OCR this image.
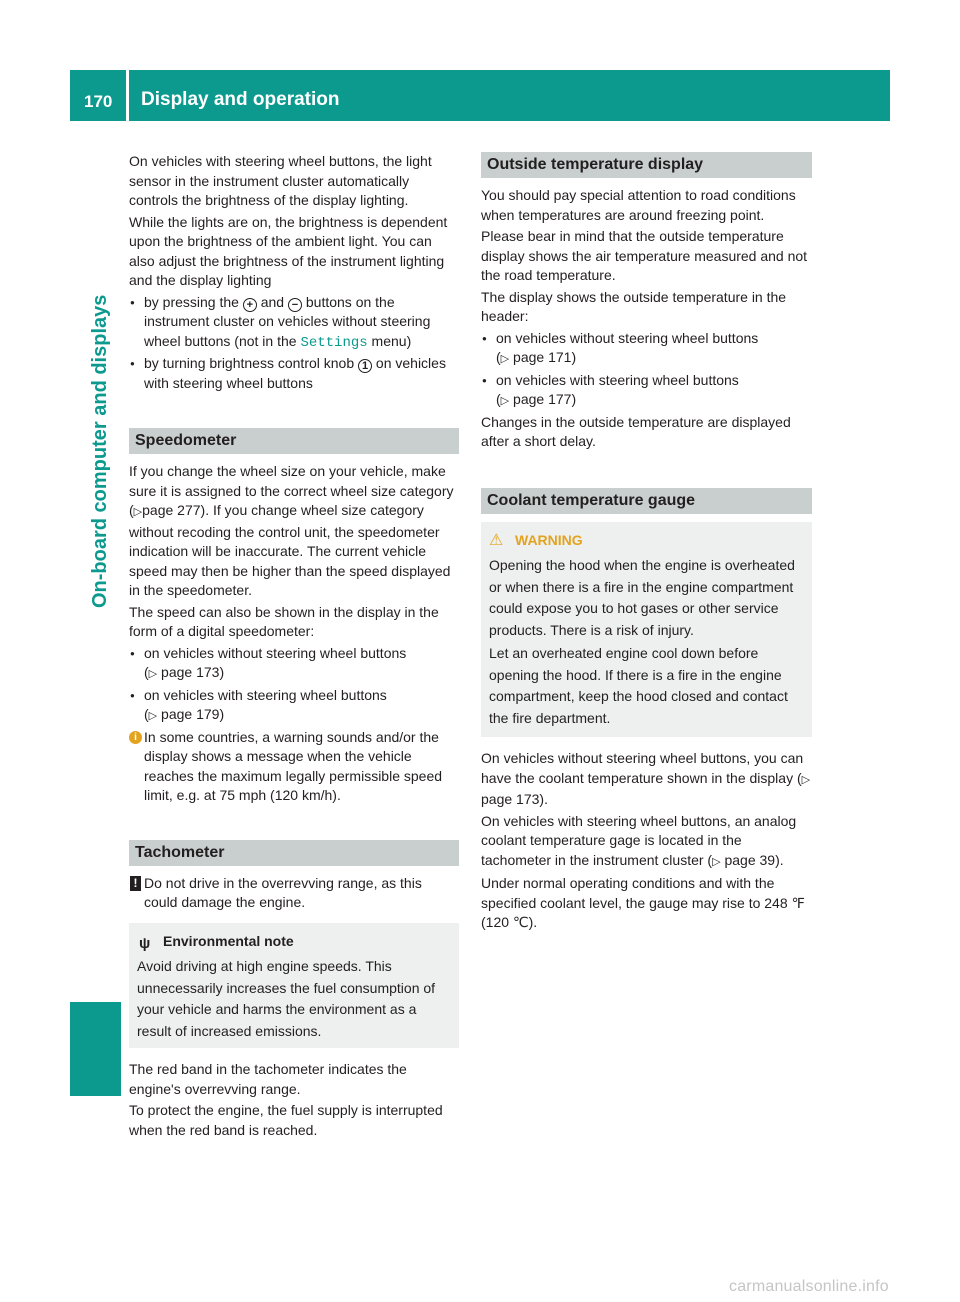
170	Display and operation
On-board computer and displays

On vehicles with steering wheel buttons, the light sensor in the instrument cluster automatically controls the brightness of the display lighting.

While the lights are on, the brightness is dependent upon the brightness of the ambient light. You can also adjust the brightness of the instrument lighting and the display lighting

● by pressing the + and − buttons on the instrument cluster on vehicles without steering wheel buttons (not in the Settings menu)
● by turning brightness control knob 1 on vehicles with steering wheel buttons
Speedometer

If you change the wheel size on your vehicle, make sure it is assigned to the correct wheel size category (▷page 277). If you change wheel size category without recoding the control unit, the speedometer indication will be inaccurate. The current vehicle speed may then be higher than the speed displayed in the speedometer.

The speed can also be shown in the display in the form of a digital speedometer:

● on vehicles without steering wheel buttons
(▷ page 173)
● on vehicles with steering wheel buttons
(▷ page 179)
i In some countries, a warning sounds and/or the display shows a message when the vehicle reaches the maximum legally permissible speed limit, e.g. at 75 mph (120 km/h).
Tachometer
! Do not drive in the overrevving range, as this could damage the engine.
ψ Environmental note
Avoid driving at high engine speeds. This unnecessarily increases the fuel consumption of your vehicle and harms the environment as a result of increased emissions.

The red band in the tachometer indicates the engine's overrevving range.

To protect the engine, the fuel supply is interrupted when the red band is reached.

Outside temperature display

You should pay special attention to road conditions when temperatures are around freezing point.

Please bear in mind that the outside temperature display shows the air temperature measured and not the road temperature.

The display shows the outside temperature in the header:

● on vehicles without steering wheel buttons
(▷ page 171)
● on vehicles with steering wheel buttons
(▷ page 177)

Changes in the outside temperature are displayed after a short delay.

Coolant temperature gauge
⚠ WARNING

Opening the hood when the engine is overheated or when there is a fire in the engine compartment could expose you to hot gases or other service products. There is a risk of injury.

Let an overheated engine cool down before opening the hood. If there is a fire in the engine compartment, keep the hood closed and contact the fire department.

On vehicles without steering wheel buttons, you can have the coolant temperature shown in the display (▷ page 173).

On vehicles with steering wheel buttons, an analog coolant temperature gage is located in the tachometer in the instrument cluster (▷ page 39).

Under normal operating conditions and with the specified coolant level, the gauge may rise to 248 ℉ (120 ℃).

carmanualsonline.info
